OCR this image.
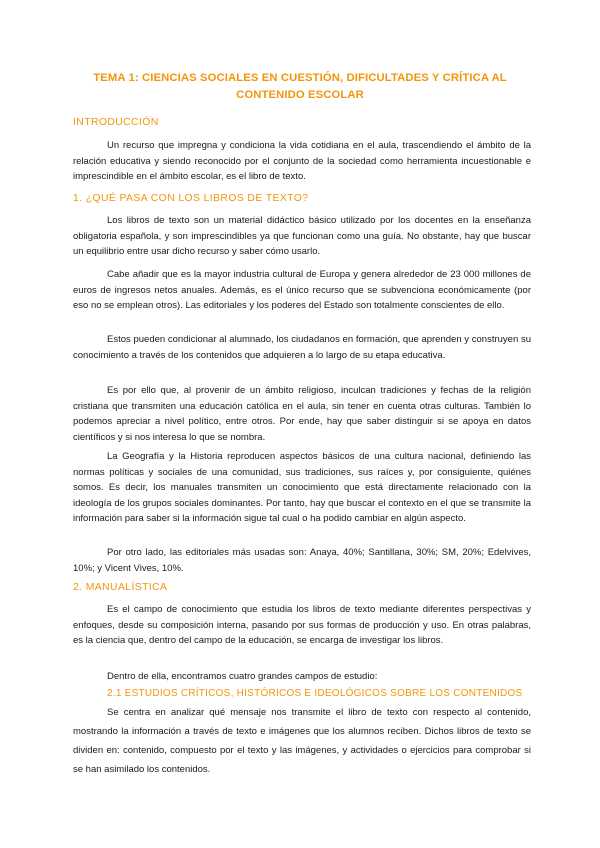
TEMA 1: CIENCIAS SOCIALES EN CUESTIÓN, DIFICULTADES Y CRÍTICA AL CONTENIDO ESCOLAR
INTRODUCCIÓN

Un recurso que impregna y condiciona la vida cotidiana en el aula, trascendiendo el ámbito de la relación educativa y siendo reconocido por el conjunto de la sociedad como herramienta incuestionable e imprescindible en el ámbito escolar, es el libro de texto.

1. ¿QUÉ PASA CON LOS LIBROS DE TEXTO?

Los libros de texto son un material didáctico básico utilizado por los docentes en la enseñanza obligatoria española, y son imprescindibles ya que funcionan como una guía. No obstante, hay que buscar un equilibrio entre usar dicho recurso y saber cómo usarlo.

Cabe añadir que es la mayor industria cultural de Europa y genera alrededor de 23 000 millones de euros de ingresos netos anuales. Además, es el único recurso que se subvenciona económicamente (por eso no se emplean otros). Las editoriales y los poderes del Estado son totalmente conscientes de ello.

Estos pueden condicionar al alumnado, los ciudadanos en formación, que aprenden y construyen su conocimiento a través de los contenidos que adquieren a lo largo de su etapa educativa.

Es por ello que, al provenir de un ámbito religioso, inculcan tradiciones y fechas de la religión cristiana que transmiten una educación católica en el aula, sin tener en cuenta otras culturas. También lo podemos apreciar a nivel político, entre otros. Por ende, hay que saber distinguir si se apoya en datos científicos y si nos interesa lo que se nombra.

La Geografía y la Historia reproducen aspectos básicos de una cultura nacional, definiendo las normas políticas y sociales de una comunidad, sus tradiciones, sus raíces y, por consiguiente, quiénes somos. Es decir, los manuales transmiten un conocimiento que está directamente relacionado con la ideología de los grupos sociales dominantes. Por tanto, hay que buscar el contexto en el que se transmite la información para saber si la información sigue tal cual o ha podido cambiar en algún aspecto.

Por otro lado, las editoriales más usadas son: Anaya, 40%; Santillana, 30%; SM, 20%; Edelvives, 10%; y Vicent Vives, 10%.

2. MANUALÍSTICA

Es el campo de conocimiento que estudia los libros de texto mediante diferentes perspectivas y enfoques, desde su composición interna, pasando por sus formas de producción y uso. En otras palabras, es la ciencia que, dentro del campo de la educación, se encarga de investigar los libros.

Dentro de ella, encontramos cuatro grandes campos de estudio:

2.1 ESTUDIOS CRÍTICOS, HISTÓRICOS E IDEOLÓGICOS SOBRE LOS CONTENIDOS

Se centra en analizar qué mensaje nos transmite el libro de texto con respecto al contenido, mostrando la información a través de texto e imágenes que los alumnos reciben. Dichos libros de texto se dividen en: contenido, compuesto por el texto y las imágenes, y actividades o ejercicios para comprobar si se han asimilado los contenidos.
